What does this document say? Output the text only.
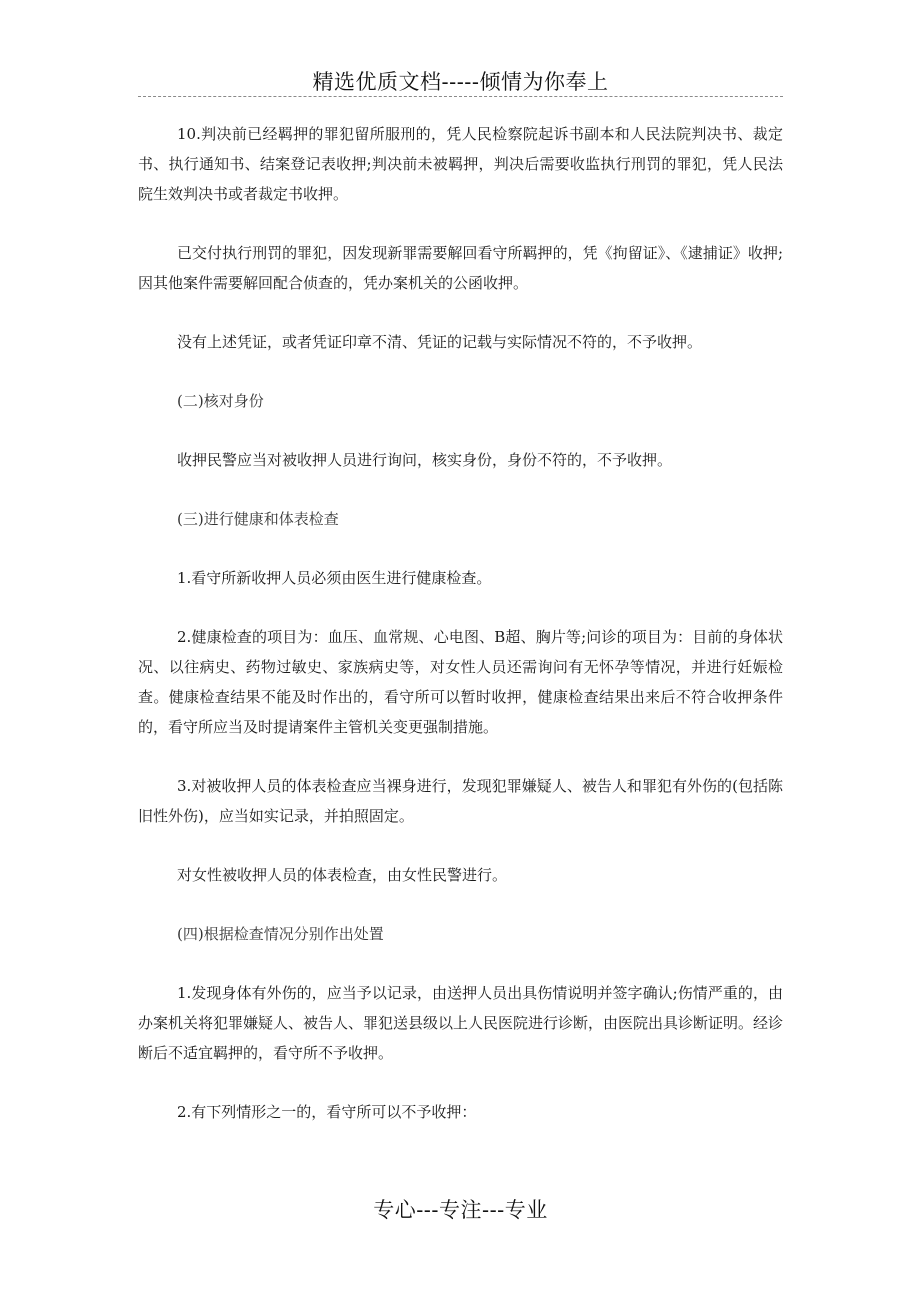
精选优质文档-----倾情为你奉上

10.判决前已经羁押的罪犯留所服刑的，凭人民检察院起诉书副本和人民法院判决书、裁定书、执行通知书、结案登记表收押;判决前未被羁押，判决后需要收监执行刑罚的罪犯，凭人民法院生效判决书或者裁定书收押。

已交付执行刑罚的罪犯，因发现新罪需要解回看守所羁押的，凭《拘留证》、《逮捕证》收押;因其他案件需要解回配合侦查的，凭办案机关的公函收押。

没有上述凭证，或者凭证印章不清、凭证的记载与实际情况不符的，不予收押。

(二)核对身份

收押民警应当对被收押人员进行询问，核实身份，身份不符的，不予收押。

(三)进行健康和体表检查

1.看守所新收押人员必须由医生进行健康检查。

2.健康检查的项目为：血压、血常规、心电图、B超、胸片等;问诊的项目为：目前的身体状况、以往病史、药物过敏史、家族病史等，对女性人员还需询问有无怀孕等情况，并进行妊娠检查。健康检查结果不能及时作出的，看守所可以暂时收押，健康检查结果出来后不符合收押条件的，看守所应当及时提请案件主管机关变更强制措施。

3.对被收押人员的体表检查应当裸身进行，发现犯罪嫌疑人、被告人和罪犯有外伤的(包括陈旧性外伤)，应当如实记录，并拍照固定。

对女性被收押人员的体表检查，由女性民警进行。

(四)根据检查情况分别作出处置

1.发现身体有外伤的，应当予以记录，由送押人员出具伤情说明并签字确认;伤情严重的，由办案机关将犯罪嫌疑人、被告人、罪犯送县级以上人民医院进行诊断，由医院出具诊断证明。经诊断后不适宜羁押的，看守所不予收押。

2.有下列情形之一的，看守所可以不予收押：

专心---专注---专业
